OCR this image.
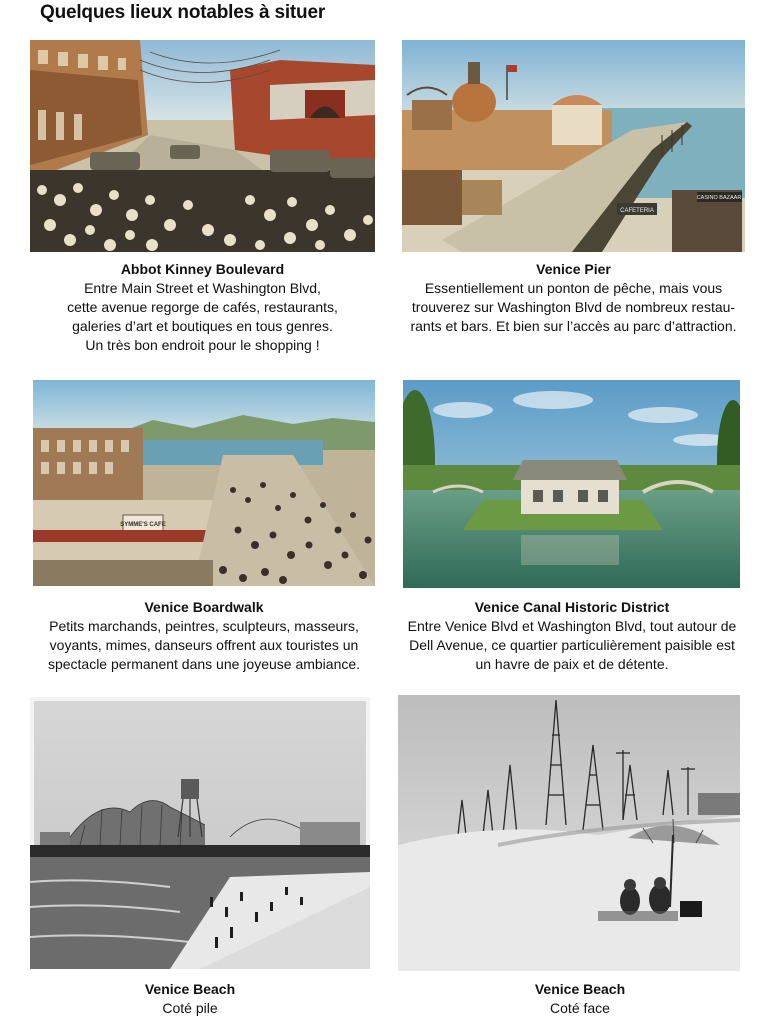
Quelques lieux notables à situer
Abbot Kinney Boulevard
Entre Main Street et Washington Blvd,
cette avenue regorge de cafés, restaurants,
galeries d’art et boutiques en tous genres.
Un très bon endroit pour le shopping !
CAFETERIA
CASINO BAZAAR
Venice Pier
Essentiellement un ponton de pêche, mais vous
trouverez sur Washington Blvd de nombreux restau-
rants et bars. Et bien sur l’accès au parc d’attraction.
SYMME'S CAFE
Venice Boardwalk
Petits marchands, peintres, sculpteurs, masseurs,
voyants, mimes, danseurs offrent aux touristes un
spectacle permanent dans une joyeuse ambiance.
Venice Canal Historic District
Entre Venice Blvd et Washington Blvd, tout autour de
Dell Avenue, ce quartier particulièrement paisible est
un havre de paix et de détente.
Venice Beach
Coté pile
Venice Beach
Coté face
